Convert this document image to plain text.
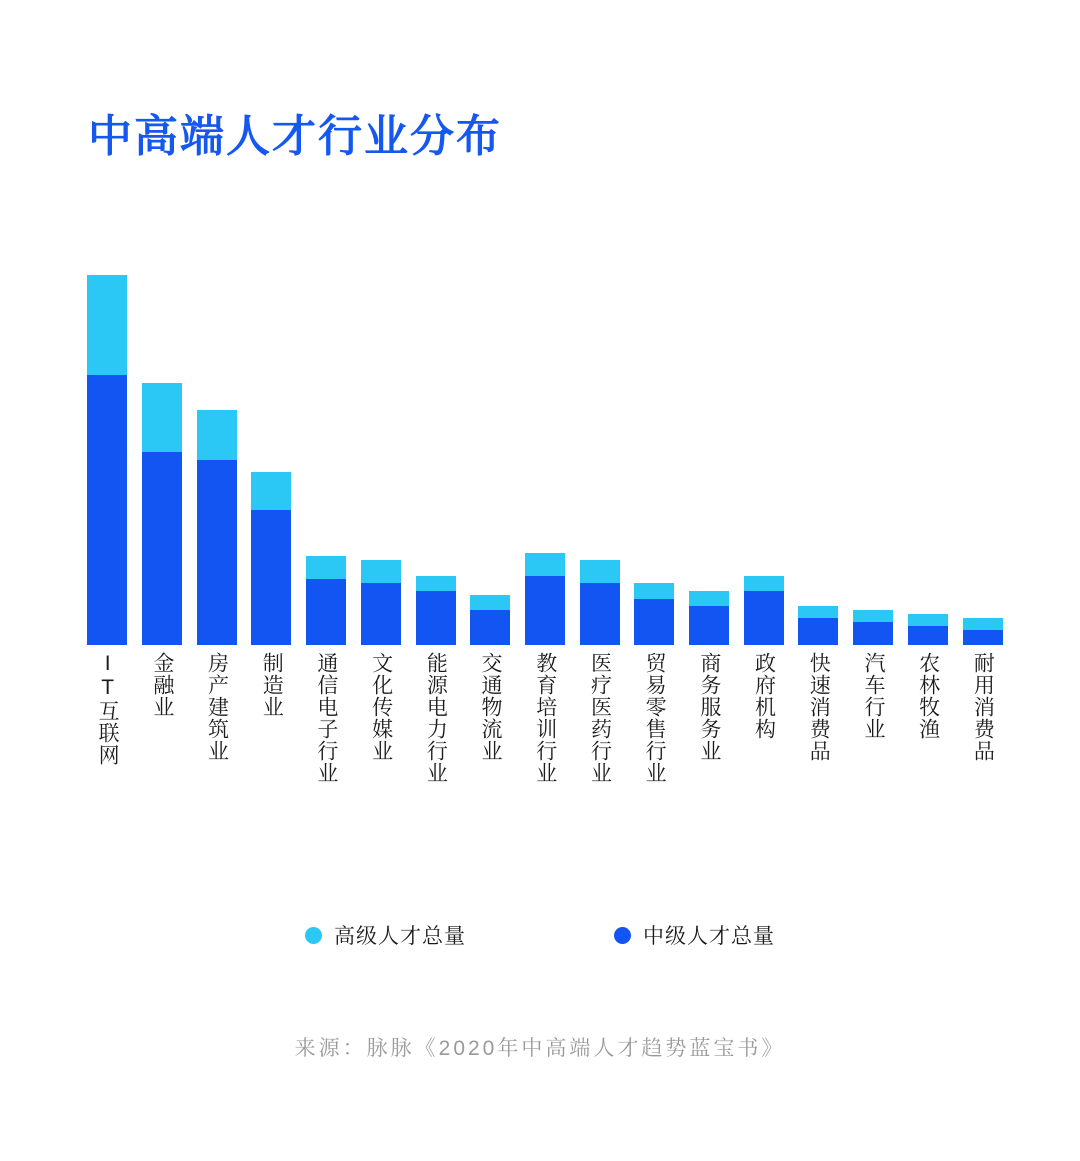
中高端人才行业分布
IT互联网 金融业 房产建筑业 制造业 通信电子行业 文化传媒业 能源电力行业 交通物流业 教育培训行业 医疗医药行业 贸易零售行业 商务服务业 政府机构 快速消费品 汽车行业 农林牧渔 耐用消费品
高级人才总量	中级人才总量
来源：脉脉《2020年中高端人才趋势蓝宝书》
